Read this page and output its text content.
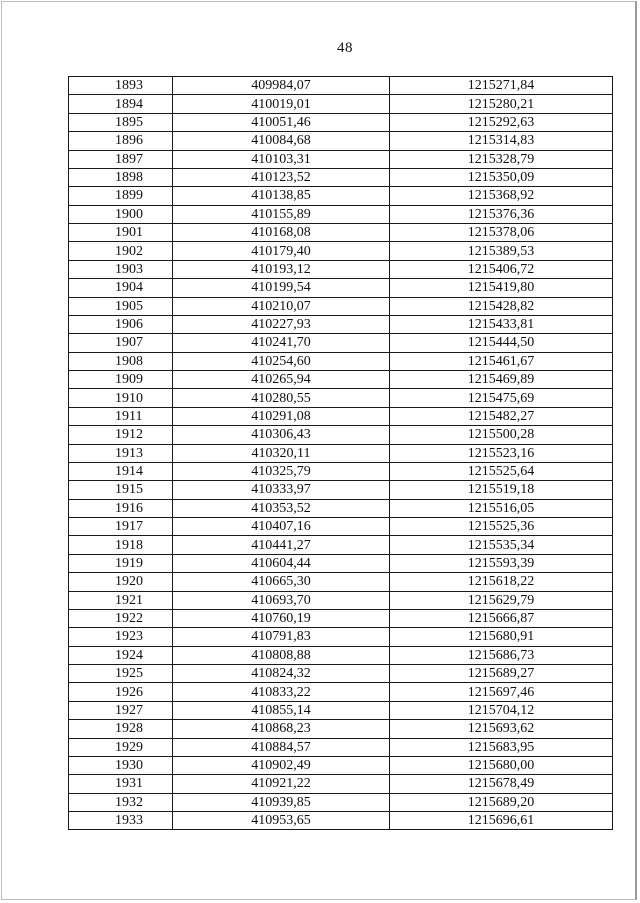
48
1893	409984,07	1215271,84
1894	410019,01	1215280,21
1895	410051,46	1215292,63
1896	410084,68	1215314,83
1897	410103,31	1215328,79
1898	410123,52	1215350,09
1899	410138,85	1215368,92
1900	410155,89	1215376,36
1901	410168,08	1215378,06
1902	410179,40	1215389,53
1903	410193,12	1215406,72
1904	410199,54	1215419,80
1905	410210,07	1215428,82
1906	410227,93	1215433,81
1907	410241,70	1215444,50
1908	410254,60	1215461,67
1909	410265,94	1215469,89
1910	410280,55	1215475,69
1911	410291,08	1215482,27
1912	410306,43	1215500,28
1913	410320,11	1215523,16
1914	410325,79	1215525,64
1915	410333,97	1215519,18
1916	410353,52	1215516,05
1917	410407,16	1215525,36
1918	410441,27	1215535,34
1919	410604,44	1215593,39
1920	410665,30	1215618,22
1921	410693,70	1215629,79
1922	410760,19	1215666,87
1923	410791,83	1215680,91
1924	410808,88	1215686,73
1925	410824,32	1215689,27
1926	410833,22	1215697,46
1927	410855,14	1215704,12
1928	410868,23	1215693,62
1929	410884,57	1215683,95
1930	410902,49	1215680,00
1931	410921,22	1215678,49
1932	410939,85	1215689,20
1933	410953,65	1215696,61
